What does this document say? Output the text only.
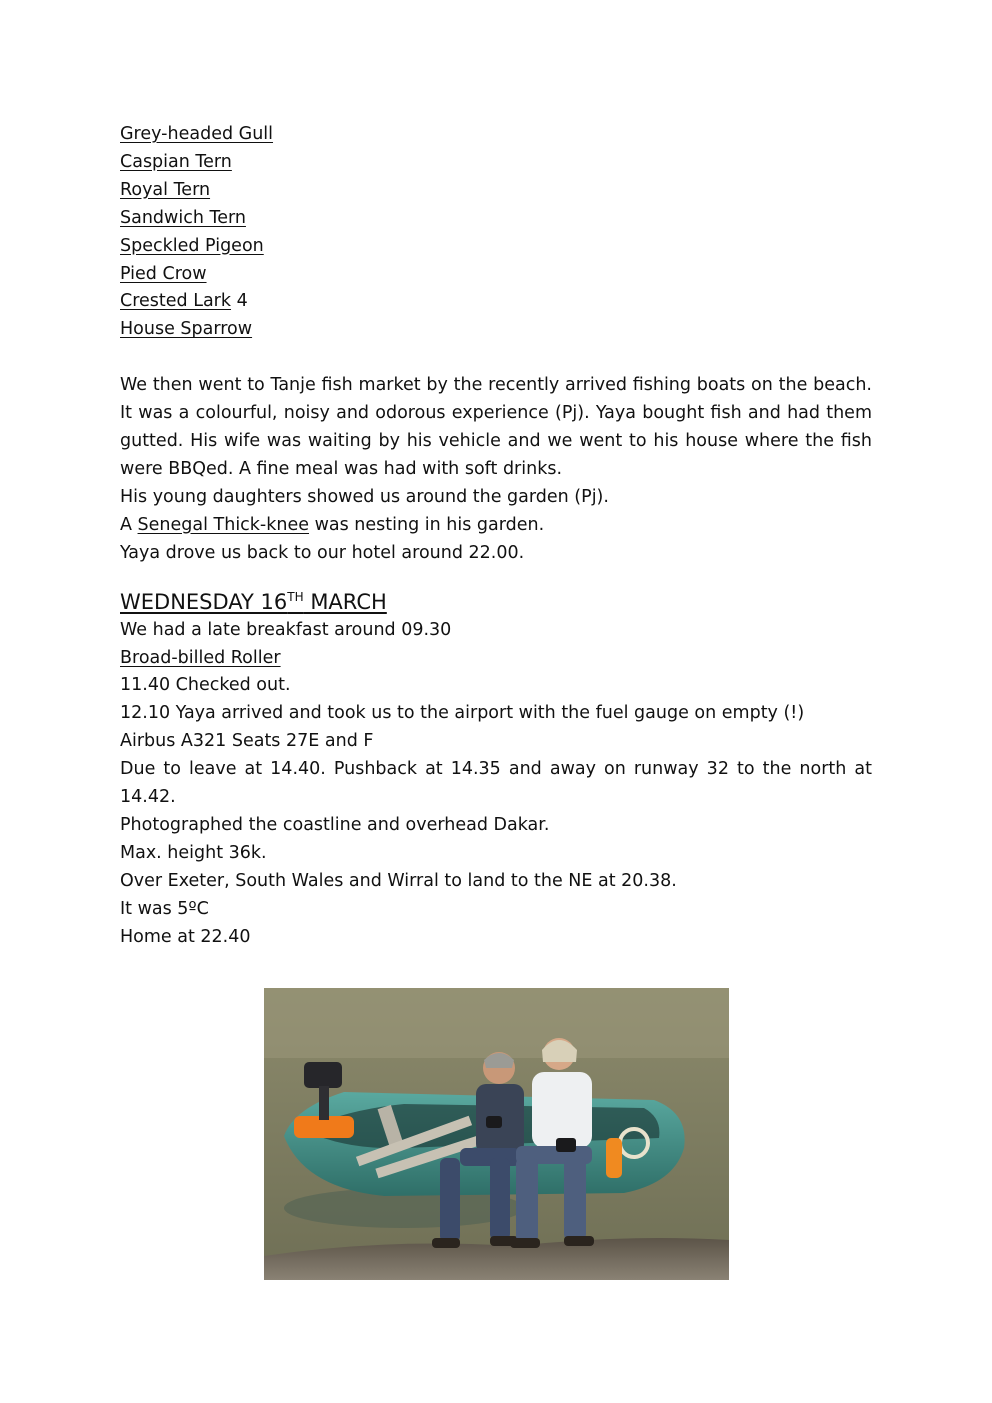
Grey-headed Gull
Caspian Tern
Royal Tern
Sandwich Tern
Speckled Pigeon
Pied Crow
Crested Lark 4
House Sparrow
We then went to Tanje fish market by the recently arrived fishing boats on the beach. It was a colourful, noisy and odorous experience (Pj). Yaya bought fish and had them gutted. His wife was waiting by his vehicle and we went to his house where the fish were BBQed. A fine meal was had with soft drinks.
His young daughters showed us around the garden (Pj).
A Senegal Thick-knee was nesting in his garden.
Yaya drove us back to our hotel around 22.00.
WEDNESDAY 16TH MARCH
We had a late breakfast around 09.30
Broad-billed Roller
11.40 Checked out.
12.10 Yaya arrived and took us to the airport with the fuel gauge on empty (!)
Airbus A321 Seats 27E and F
Due to leave at 14.40. Pushback at 14.35 and away on runway 32 to the north at 14.42.
Photographed the coastline and overhead Dakar.
Max. height 36k.
Over Exeter, South Wales and Wirral to land to the NE at 20.38.
It was 5ºC
Home at 22.40
